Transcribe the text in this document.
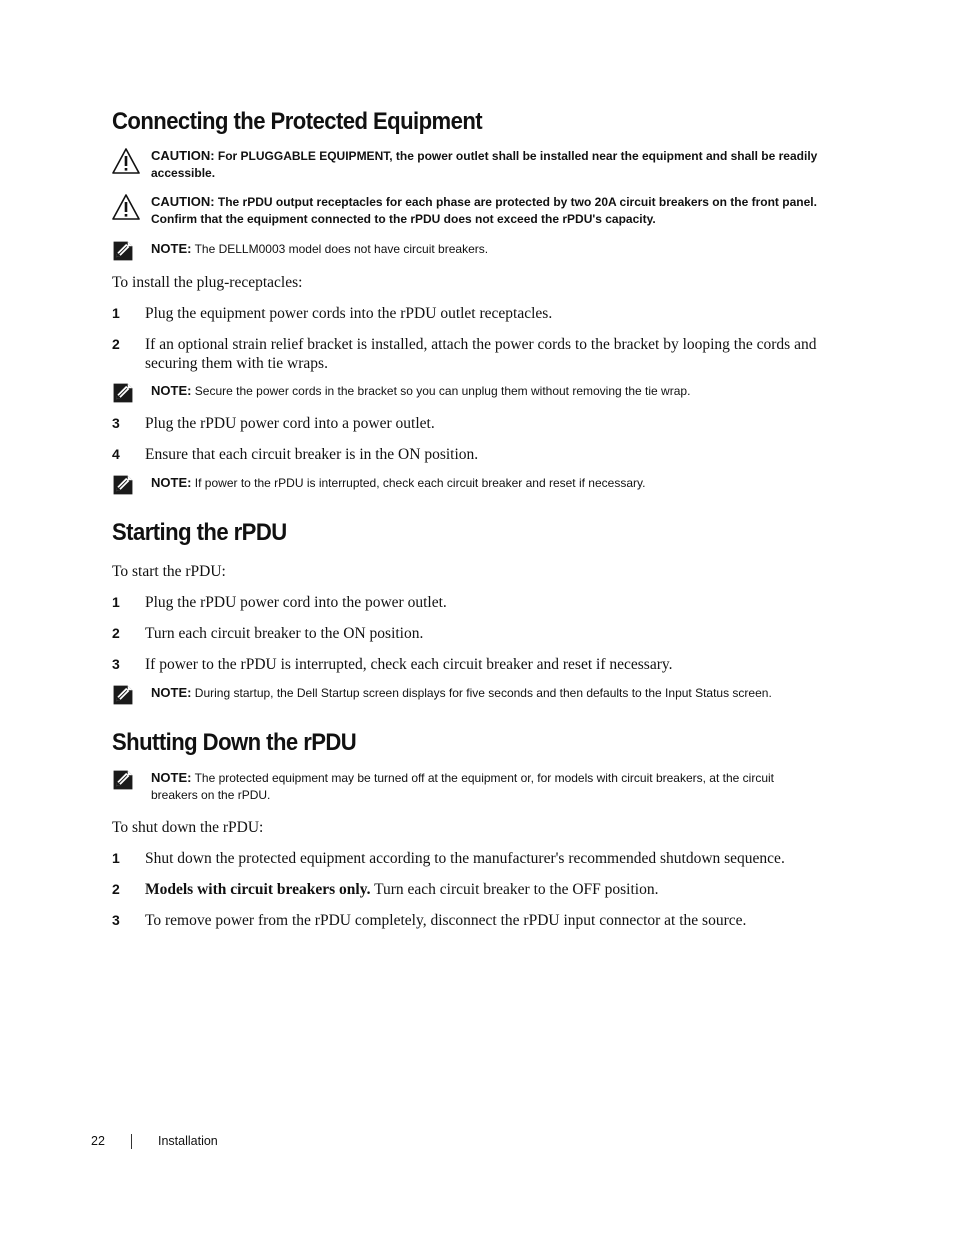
Connecting the Protected Equipment
CAUTION: For PLUGGABLE EQUIPMENT, the power outlet shall be installed near the equipment and shall be readily accessible.
CAUTION: The rPDU output receptacles for each phase are protected by two 20A circuit breakers on the front panel. Confirm that the equipment connected to the rPDU does not exceed the rPDU's capacity.
NOTE: The DELLM0003 model does not have circuit breakers.
To install the plug-receptacles:
1 Plug the equipment power cords into the rPDU outlet receptacles.
2 If an optional strain relief bracket is installed, attach the power cords to the bracket by looping the cords and securing them with tie wraps.
NOTE: Secure the power cords in the bracket so you can unplug them without removing the tie wrap.
3 Plug the rPDU power cord into a power outlet.
4 Ensure that each circuit breaker is in the ON position.
NOTE: If power to the rPDU is interrupted, check each circuit breaker and reset if necessary.
Starting the rPDU
To start the rPDU:
1 Plug the rPDU power cord into the power outlet.
2 Turn each circuit breaker to the ON position.
3 If power to the rPDU is interrupted, check each circuit breaker and reset if necessary.
NOTE: During startup, the Dell Startup screen displays for five seconds and then defaults to the Input Status screen.
Shutting Down the rPDU
NOTE: The protected equipment may be turned off at the equipment or, for models with circuit breakers, at the circuit breakers on the rPDU.
To shut down the rPDU:
1 Shut down the protected equipment according to the manufacturer's recommended shutdown sequence.
2 Models with circuit breakers only. Turn each circuit breaker to the OFF position.
3 To remove power from the rPDU completely, disconnect the rPDU input connector at the source.
22	Installation
